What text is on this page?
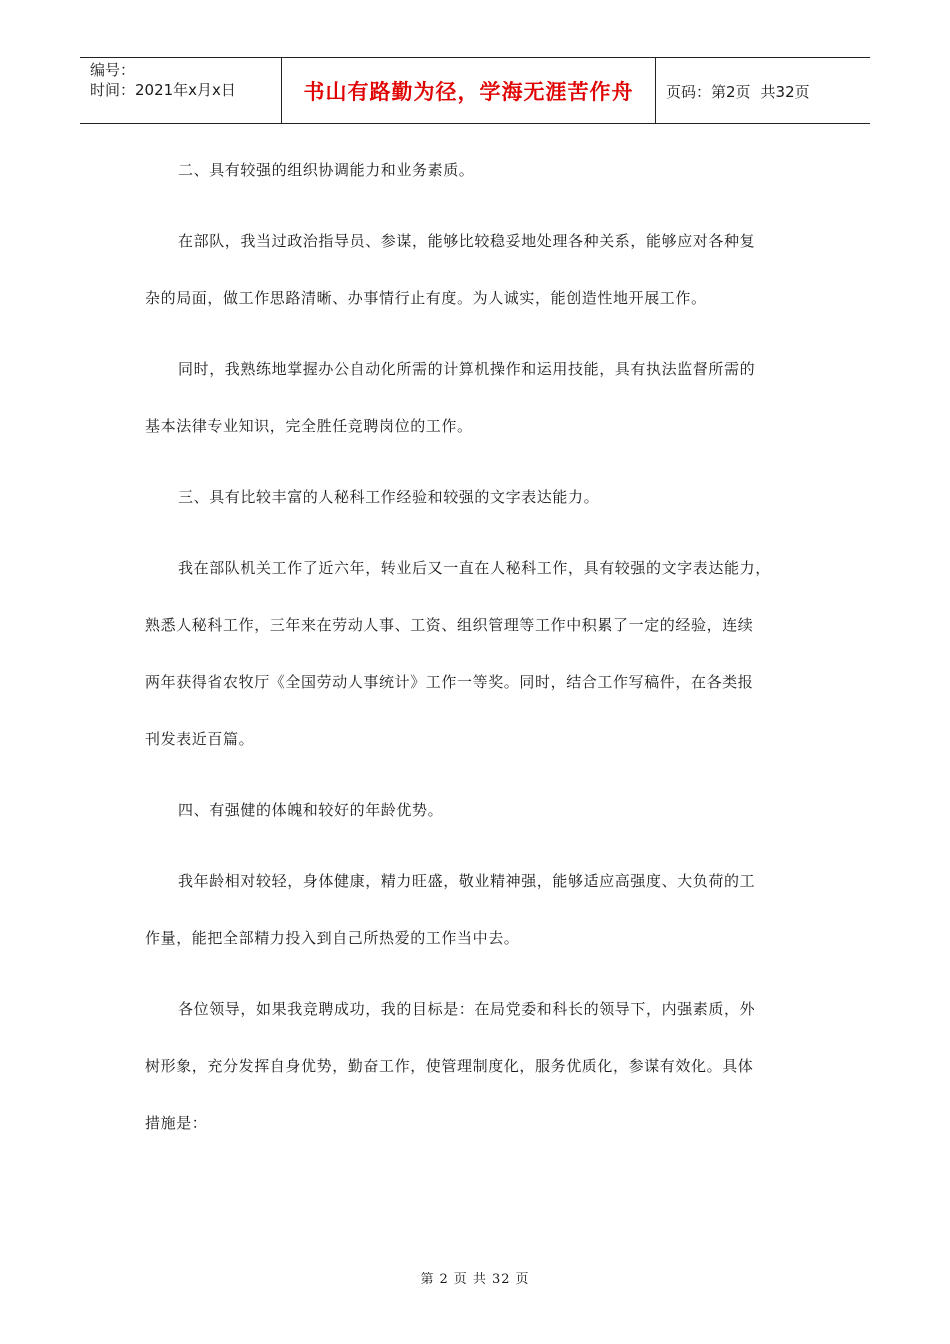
编号：
时间：2021年x月x日	书山有路勤为径，学海无涯苦作舟	页码：第2页 共32页
二、具有较强的组织协调能力和业务素质。
在部队，我当过政治指导员、参谋，能够比较稳妥地处理各种关系，能够应对各种复
杂的局面，做工作思路清晰、办事情行止有度。为人诚实，能创造性地开展工作。
同时，我熟练地掌握办公自动化所需的计算机操作和运用技能，具有执法监督所需的
基本法律专业知识，完全胜任竞聘岗位的工作。
三、具有比较丰富的人秘科工作经验和较强的文字表达能力。
我在部队机关工作了近六年，转业后又一直在人秘科工作，具有较强的文字表达能力，
熟悉人秘科工作，三年来在劳动人事、工资、组织管理等工作中积累了一定的经验，连续
两年获得省农牧厅《全国劳动人事统计》工作一等奖。同时，结合工作写稿件，在各类报
刊发表近百篇。
四、有强健的体魄和较好的年龄优势。
我年龄相对较轻，身体健康，精力旺盛，敬业精神强，能够适应高强度、大负荷的工
作量，能把全部精力投入到自己所热爱的工作当中去。
各位领导，如果我竞聘成功，我的目标是：在局党委和科长的领导下，内强素质，外
树形象，充分发挥自身优势，勤奋工作，使管理制度化，服务优质化，参谋有效化。具体
措施是：
第 2 页 共 32 页
